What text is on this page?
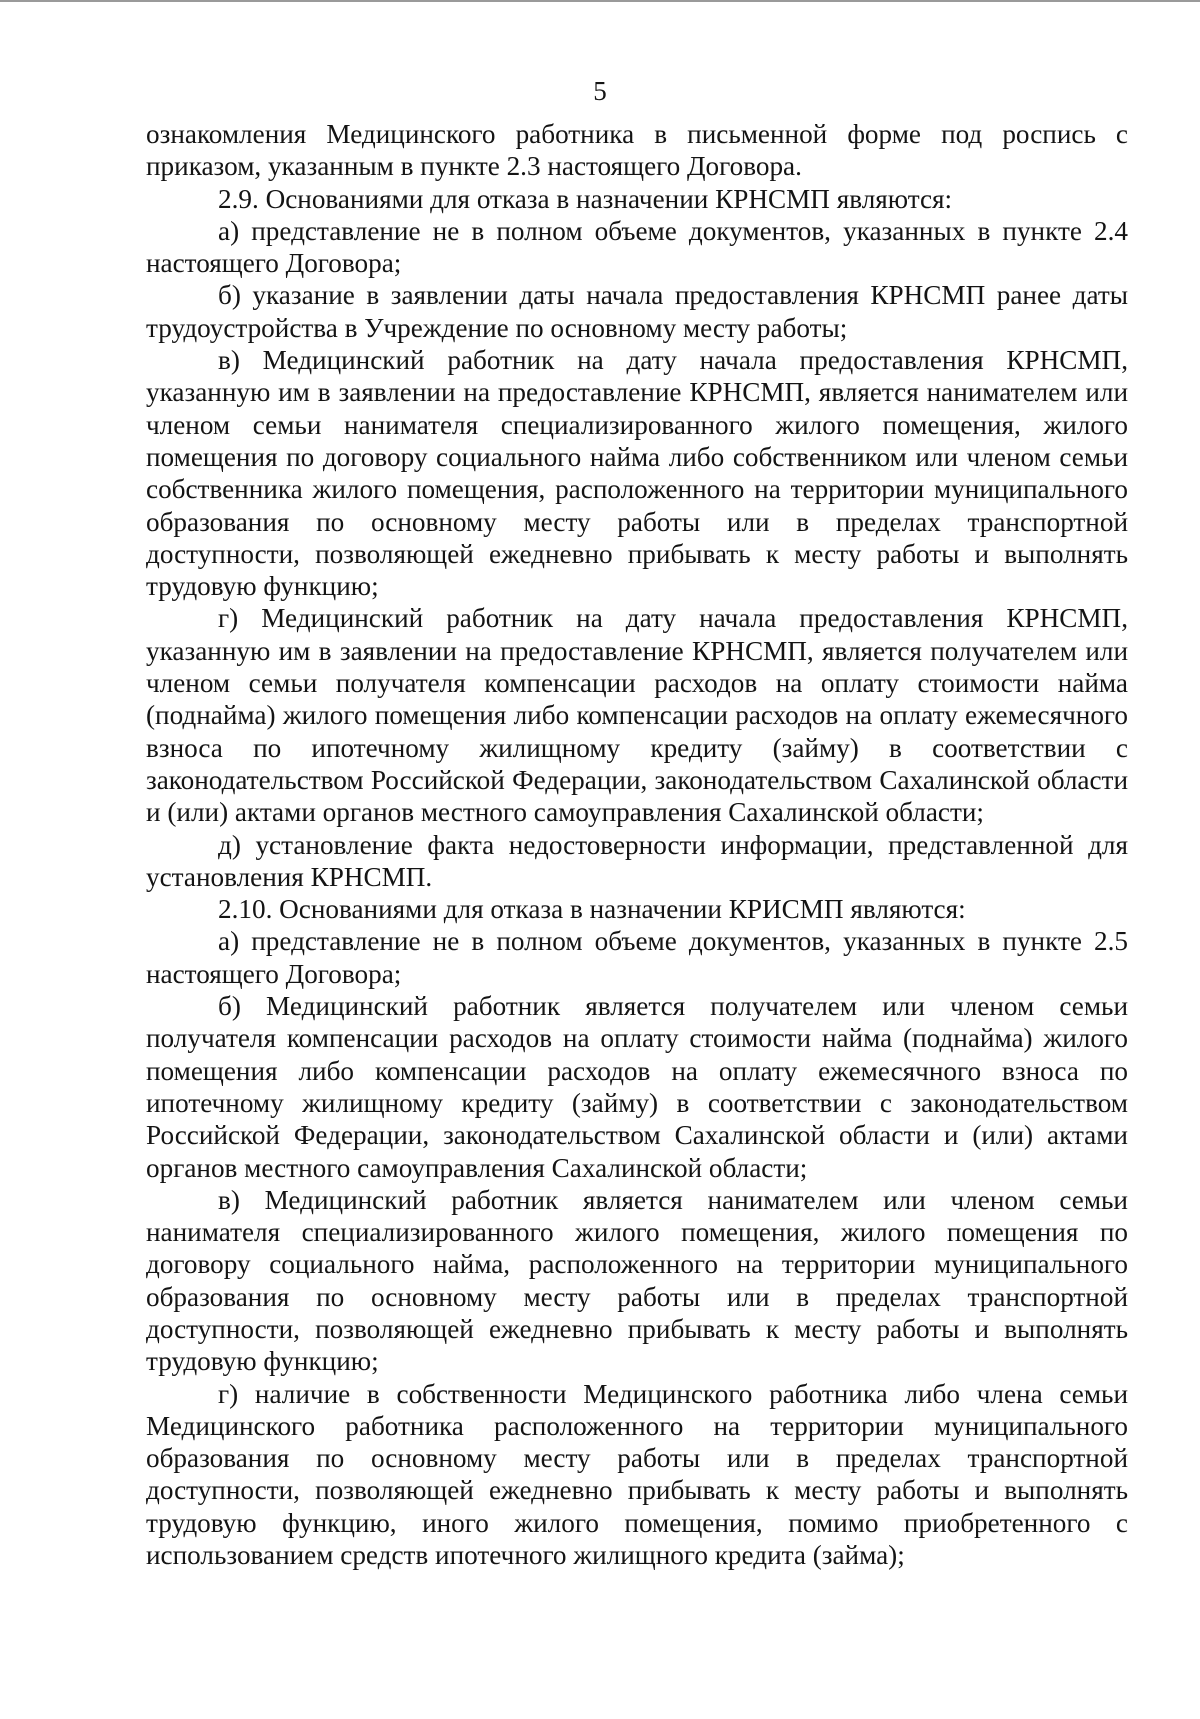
5

ознакомления Медицинского работника в письменной форме под роспись с приказом, указанным в пункте 2.3 настоящего Договора.

2.9. Основаниями для отказа в назначении КРНСМП являются:

а) представление не в полном объеме документов, указанных в пункте 2.4 настоящего Договора;

б) указание в заявлении даты начала предоставления КРНСМП ранее даты трудоустройства в Учреждение по основному месту работы;

в) Медицинский работник на дату начала предоставления КРНСМП, указанную им в заявлении на предоставление КРНСМП, является нанимателем или членом семьи нанимателя специализированного жилого помещения, жилого помещения по договору социального найма либо собственником или членом семьи собственника жилого помещения, расположенного на территории муниципального образования по основному месту работы или в пределах транспортной доступности, позволяющей ежедневно прибывать к месту работы и выполнять трудовую функцию;

г) Медицинский работник на дату начала предоставления КРНСМП, указанную им в заявлении на предоставление КРНСМП, является получателем или членом семьи получателя компенсации расходов на оплату стоимости найма (поднайма) жилого помещения либо компенсации расходов на оплату ежемесячного взноса по ипотечному жилищному кредиту (займу) в соответствии с законодательством Российской Федерации, законодательством Сахалинской области и (или) актами органов местного самоуправления Сахалинской области;

д) установление факта недостоверности информации, представленной для установления КРНСМП.

2.10. Основаниями для отказа в назначении КРИСМП являются:

а) представление не в полном объеме документов, указанных в пункте 2.5 настоящего Договора;

б) Медицинский работник является получателем или членом семьи получателя компенсации расходов на оплату стоимости найма (поднайма) жилого помещения либо компенсации расходов на оплату ежемесячного взноса по ипотечному жилищному кредиту (займу) в соответствии с законодательством Российской Федерации, законодательством Сахалинской области и (или) актами органов местного самоуправления Сахалинской области;

в) Медицинский работник является нанимателем или членом семьи нанимателя специализированного жилого помещения, жилого помещения по договору социального найма, расположенного на территории муниципального образования по основному месту работы или в пределах транспортной доступности, позволяющей ежедневно прибывать к месту работы и выполнять трудовую функцию;

г) наличие в собственности Медицинского работника либо члена семьи Медицинского работника расположенного на территории муниципального образования по основному месту работы или в пределах транспортной доступности, позволяющей ежедневно прибывать к месту работы и выполнять трудовую функцию, иного жилого помещения, помимо приобретенного с использованием средств ипотечного жилищного кредита (займа);
